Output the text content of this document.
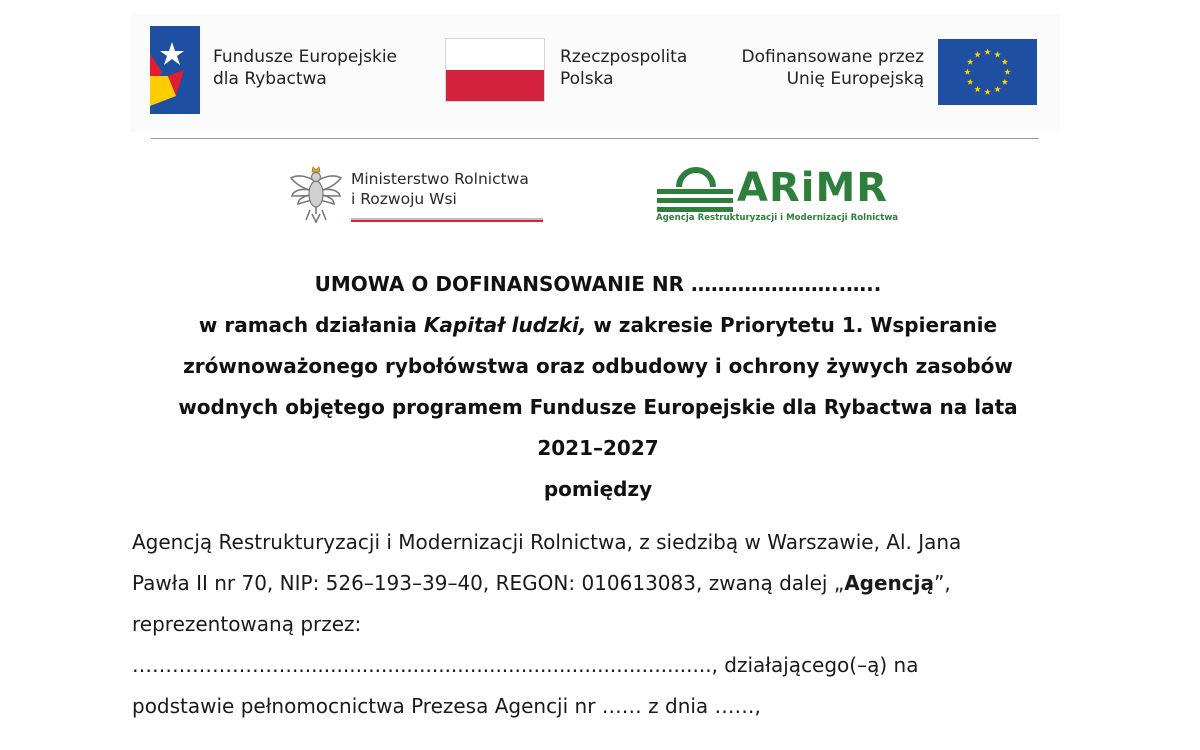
Fundusze Europejskie
dla Rybactwa
Rzeczpospolita
Polska
Dofinansowane przez
Unię Europejską
Ministerstwo Rolnictwa
i Rozwoju Wsi	ARiMR
Agencja Restrukturyzacji i Modernizacji Rolnictwa
UMOWA O DOFINANSOWANIE NR …………………..…..
w ramach działania Kapitał ludzki, w zakresie Priorytetu 1. Wspieranie
zrównoważonego rybołówstwa oraz odbudowy i ochrony żywych zasobów
wodnych objętego programem Fundusze Europejskie dla Rybactwa na lata
2021–2027
pomiędzy
Agencją Restrukturyzacji i Modernizacji Rolnictwa, z siedzibą w Warszawie, Al. Jana
Pawła II nr 70, NIP: 526–193–39–40, REGON: 010613083, zwaną dalej „Agencją”,
reprezentowaną przez:
…………………….................................................................., działającego(–ą) na
podstawie pełnomocnictwa Prezesa Agencji nr …… z dnia ……,
